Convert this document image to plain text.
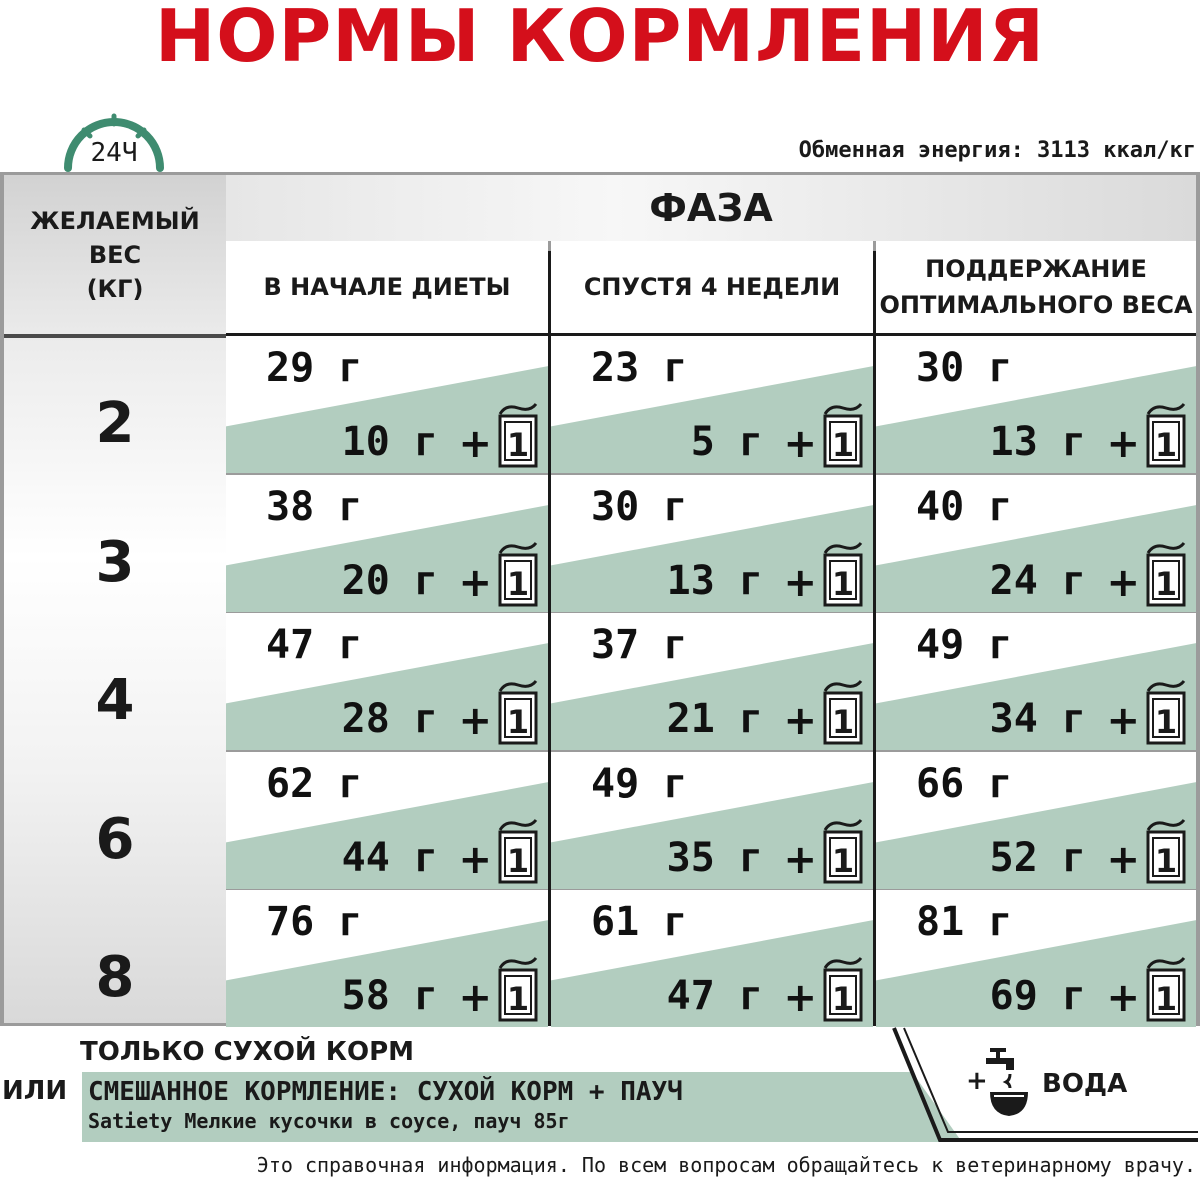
НОРМЫ КОРМЛЕНИЯ
24Ч	Обменная энергия: 3113 ккал/кг
ЖЕЛАЕМЫЙ
ВЕС
(КГ)
ФАЗА
В НАЧАЛЕ ДИЕТЫ	СПУСТЯ 4 НЕДЕЛИ
ПОДДЕРЖАНИЕ
ОПТИМАЛЬНОГО ВЕСА
2
29 г
10 г + 1
23 г
5 г + 1
30 г
13 г + 1
3
38 г
20 г + 1
30 г
13 г + 1
40 г
24 г + 1
4
47 г
28 г + 1
37 г
21 г + 1
49 г
34 г + 1
6
62 г
44 г + 1
49 г
35 г + 1
66 г
52 г + 1
8
76 г
58 г + 1
61 г
47 г + 1
81 г
69 г + 1
ТОЛЬКО СУХОЙ КОРМ
ИЛИ СМЕШАННОЕ КОРМЛЕНИЕ: СУХОЙ КОРМ + ПАУЧ
Satiety Мелкие кусочки в соусе, пауч 85г
+ ВОДА
Это справочная информация. По всем вопросам обращайтесь к ветеринарному врачу.
